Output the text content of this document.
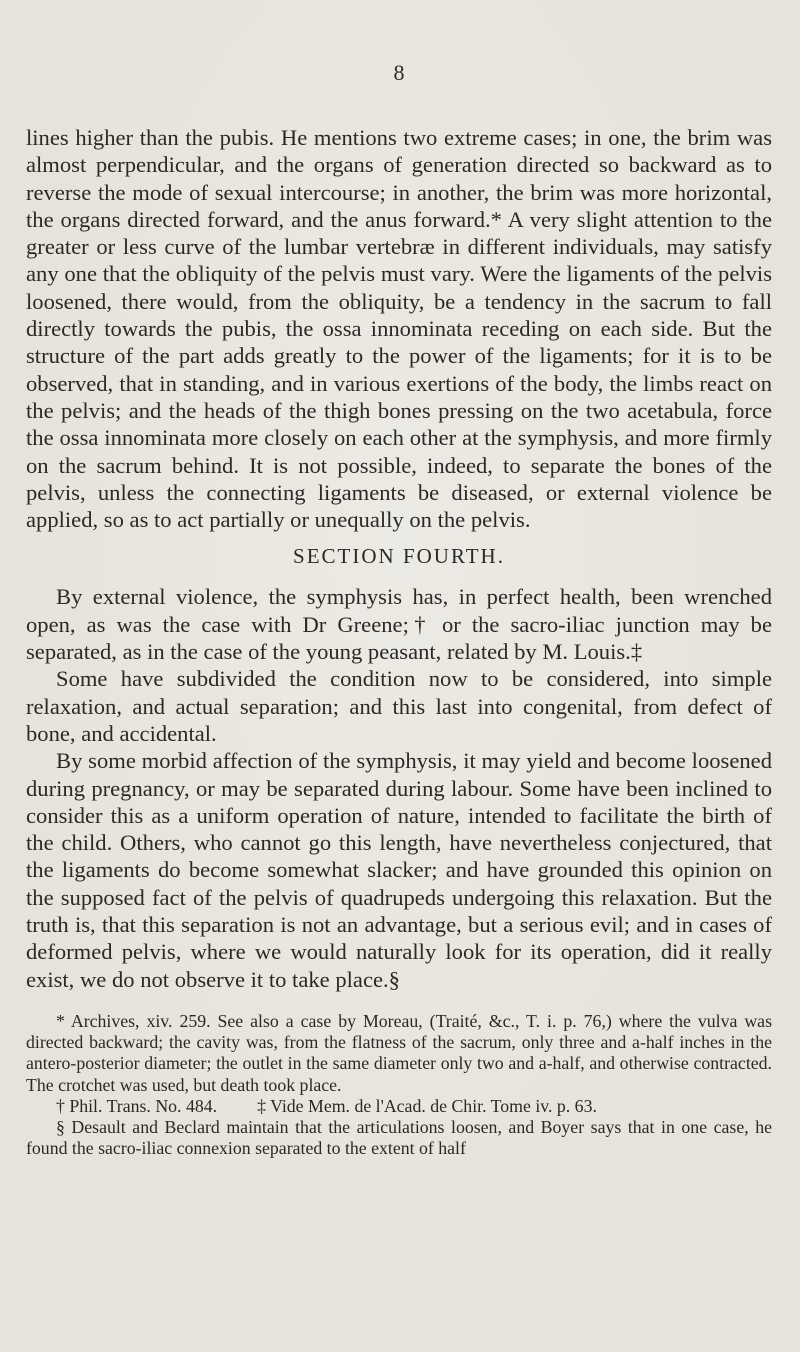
8

lines higher than the pubis. He mentions two extreme cases; in one, the brim was almost perpendicular, and the organs of generation directed so backward as to reverse the mode of sexual intercourse; in another, the brim was more horizontal, the organs directed forward, and the anus forward.* A very slight attention to the greater or less curve of the lumbar vertebræ in different individuals, may satisfy any one that the obliquity of the pelvis must vary. Were the ligaments of the pelvis loosened, there would, from the obliquity, be a tendency in the sacrum to fall directly towards the pubis, the ossa innominata receding on each side. But the structure of the part adds greatly to the power of the ligaments; for it is to be observed, that in standing, and in various exertions of the body, the limbs react on the pelvis; and the heads of the thigh bones pressing on the two acetabula, force the ossa innominata more closely on each other at the symphysis, and more firmly on the sacrum behind. It is not possible, indeed, to separate the bones of the pelvis, unless the connecting ligaments be diseased, or external violence be applied, so as to act partially or unequally on the pelvis.

SECTION FOURTH.

By external violence, the symphysis has, in perfect health, been wrenched open, as was the case with Dr Greene;† or the sacro-iliac junction may be separated, as in the case of the young peasant, related by M. Louis.‡

Some have subdivided the condition now to be considered, into simple relaxation, and actual separation; and this last into congenital, from defect of bone, and accidental.

By some morbid affection of the symphysis, it may yield and become loosened during pregnancy, or may be separated during labour. Some have been inclined to consider this as a uniform operation of nature, intended to facilitate the birth of the child. Others, who cannot go this length, have nevertheless conjectured, that the ligaments do become somewhat slacker; and have grounded this opinion on the supposed fact of the pelvis of quadrupeds undergoing this relaxation. But the truth is, that this separation is not an advantage, but a serious evil; and in cases of deformed pelvis, where we would naturally look for its operation, did it really exist, we do not observe it to take place.§

* Archives, xiv. 259. See also a case by Moreau, (Traité, &c., T. i. p. 76,) where the vulva was directed backward; the cavity was, from the flatness of the sacrum, only three and a-half inches in the antero-posterior diameter; the outlet in the same diameter only two and a-half, and otherwise contracted. The crotchet was used, but death took place.

† Phil. Trans. No. 484. ‡ Vide Mem. de l'Acad. de Chir. Tome iv. p. 63.

§ Desault and Beclard maintain that the articulations loosen, and Boyer says that in one case, he found the sacro-iliac connexion separated to the extent of half
